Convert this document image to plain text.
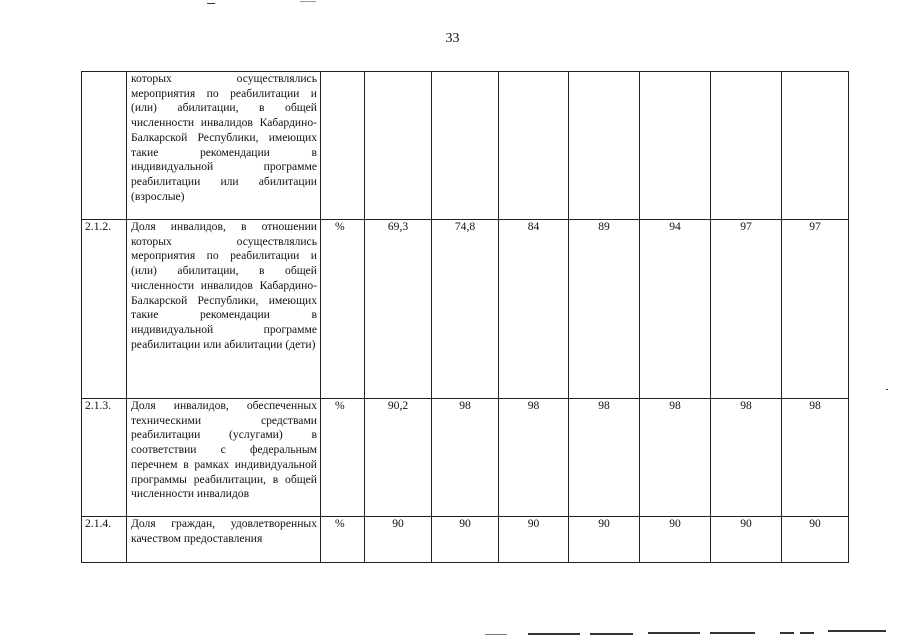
33
	которых осуществлялись мероприятия по реабилитации и (или) абилитации, в общей численности инвалидов Кабардино-Балкарской Республики, имеющих такие рекомендации в индивидуальной программе реабилитации или абилитации (взрослые)								
2.1.2.	Доля инвалидов, в отношении которых осуществлялись мероприятия по реабилитации и (или) абилитации, в общей численности инвалидов Кабардино-Балкарской Республики, имеющих такие рекомендации в индивидуальной программе реабилитации или абилитации (дети)	%	69,3	74,8	84	89	94	97	97
2.1.3.	Доля инвалидов, обеспеченных техническими средствами реабилитации (услугами) в соответствии с федеральным перечнем в рамках индивидуальной программы реабилитации, в общей численности инвалидов	%	90,2	98	98	98	98	98	98
2.1.4.	Доля граждан, удовлетворенных качеством предоставления	%	90	90	90	90	90	90	90
